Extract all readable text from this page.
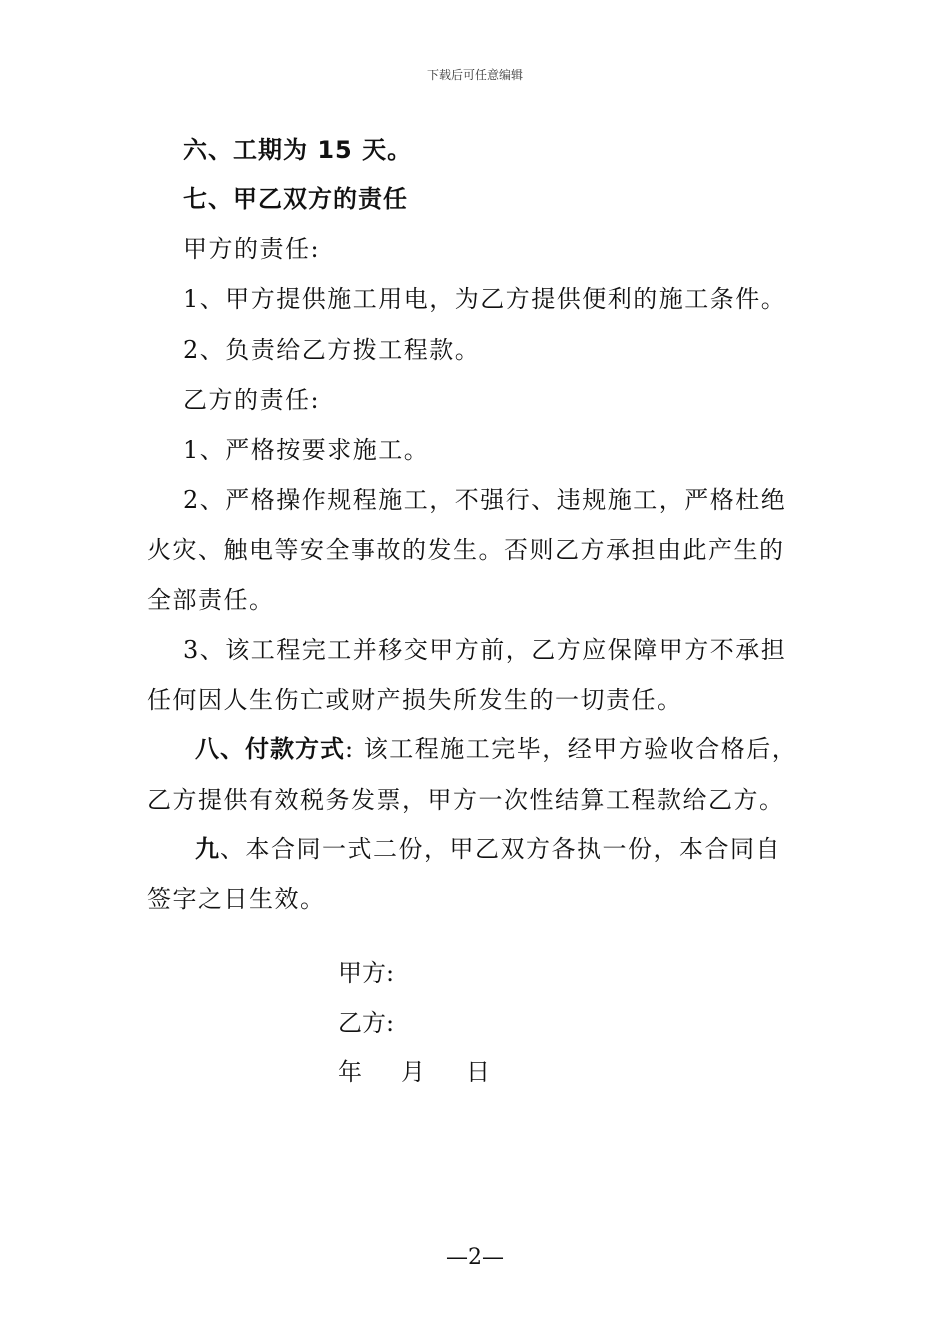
下载后可任意编辑
六、工期为 15 天。
七、甲乙双方的责任
甲方的责任:
1、甲方提供施工用电，为乙方提供便利的施工条件。
2、负责给乙方拨工程款。
乙方的责任:
1、严格按要求施工。
2、严格操作规程施工，不强行、违规施工，严格杜绝
火灾、触电等安全事故的发生。否则乙方承担由此产生的
全部责任。
3、该工程完工并移交甲方前，乙方应保障甲方不承担
任何因人生伤亡或财产损失所发生的一切责任。
八、付款方式: 该工程施工完毕，经甲方验收合格后，
乙方提供有效税务发票，甲方一次性结算工程款给乙方。
九、本合同一式二份，甲乙双方各执一份，本合同自
签字之日生效。
甲方:
乙方:
年 月 日
—2—
